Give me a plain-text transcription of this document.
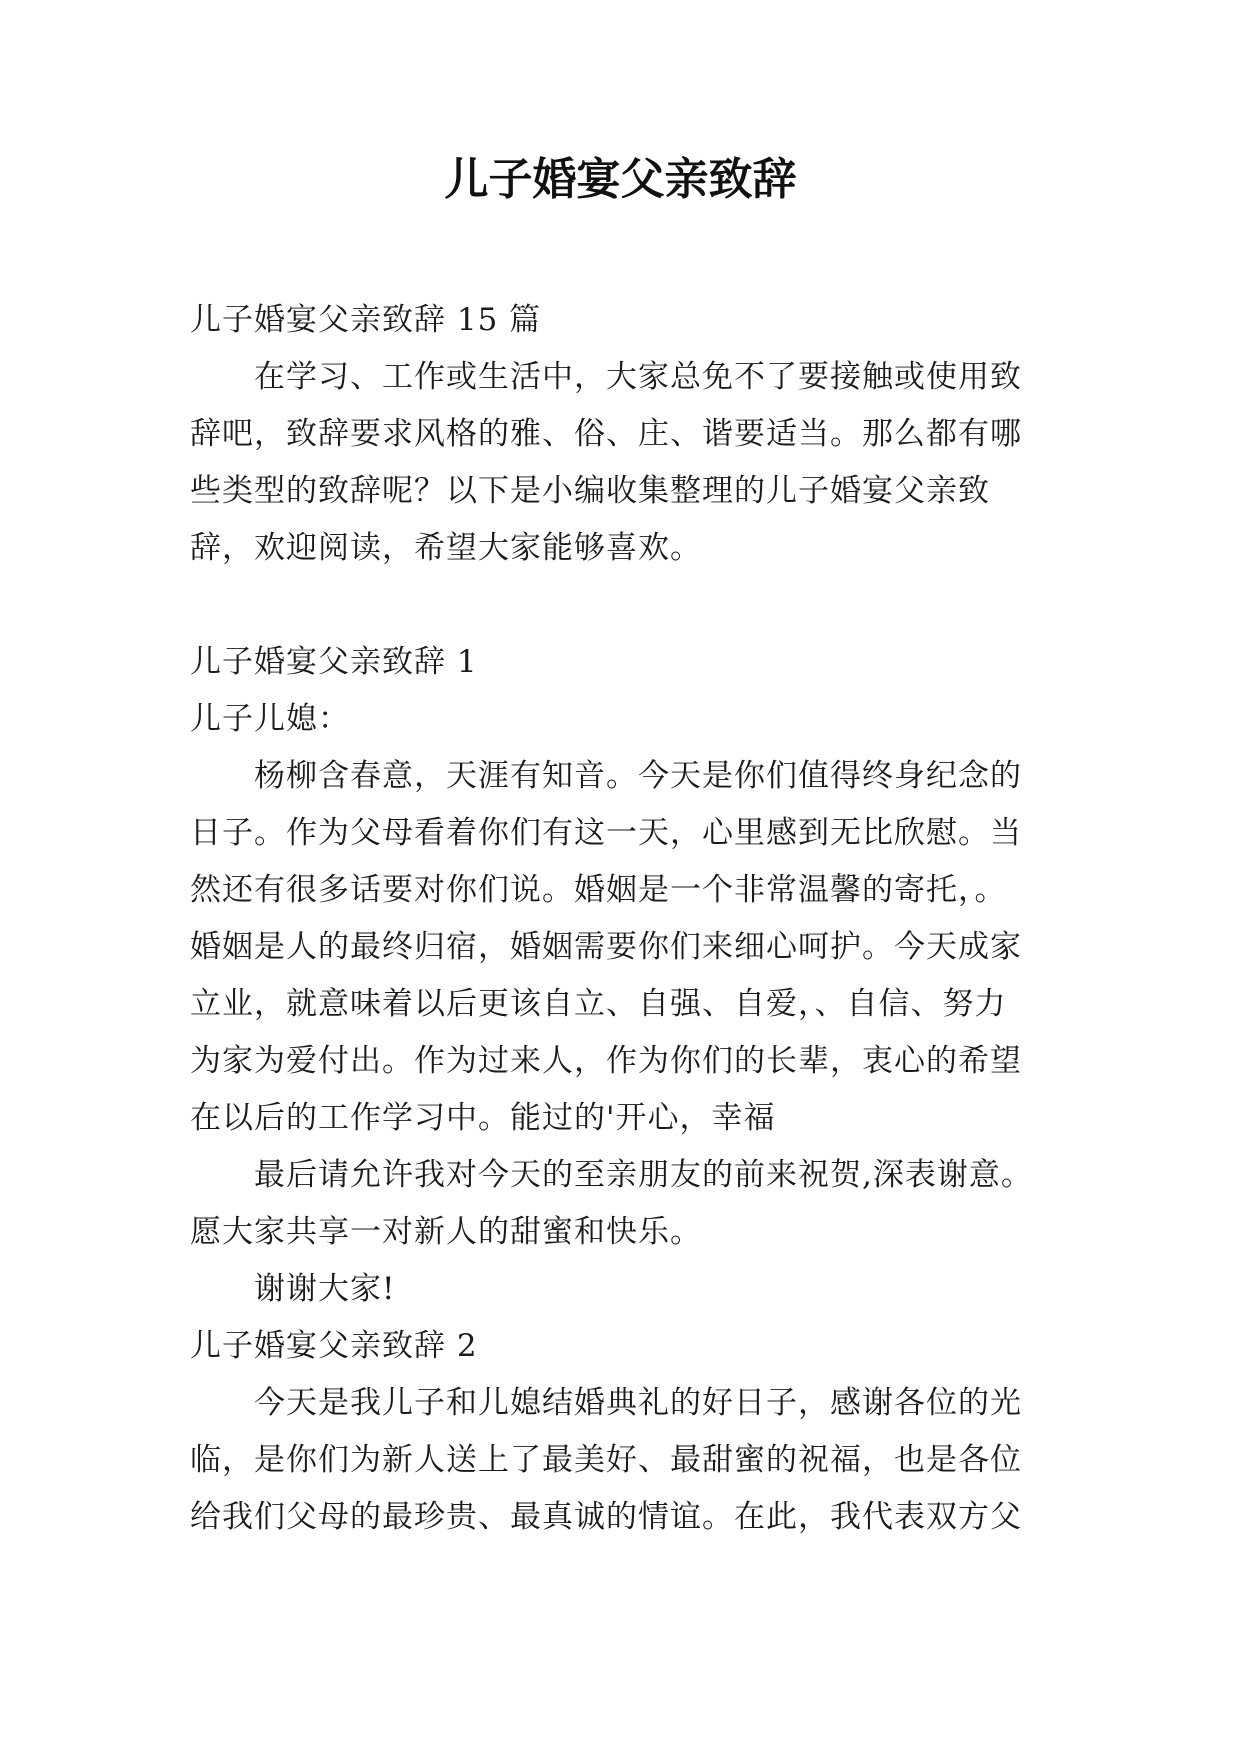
儿子婚宴父亲致辞

儿子婚宴父亲致辞 15 篇

　　在学习、工作或生活中，大家总免不了要接触或使用致

辞吧，致辞要求风格的雅、俗、庄、谐要适当。那么都有哪

些类型的致辞呢？以下是小编收集整理的儿子婚宴父亲致

辞，欢迎阅读，希望大家能够喜欢。

儿子婚宴父亲致辞 1

儿子儿媳：

　　杨柳含春意，天涯有知音。今天是你们值得终身纪念的

日子。作为父母看着你们有这一天，心里感到无比欣慰。当

然还有很多话要对你们说。婚姻是一个非常温馨的寄托，。

婚姻是人的最终归宿，婚姻需要你们来细心呵护。今天成家

立业，就意味着以后更该自立、自强、自爱，、自信、努力

为家为爱付出。作为过来人，作为你们的长辈，衷心的希望

在以后的工作学习中。能过的'开心，幸福

　　最后请允许我对今天的至亲朋友的前来祝贺,深表谢意。

愿大家共享一对新人的甜蜜和快乐。

　　谢谢大家!

儿子婚宴父亲致辞 2

　　今天是我儿子和儿媳结婚典礼的好日子，感谢各位的光

临，是你们为新人送上了最美好、最甜蜜的祝福，也是各位

给我们父母的最珍贵、最真诚的情谊。在此，我代表双方父
